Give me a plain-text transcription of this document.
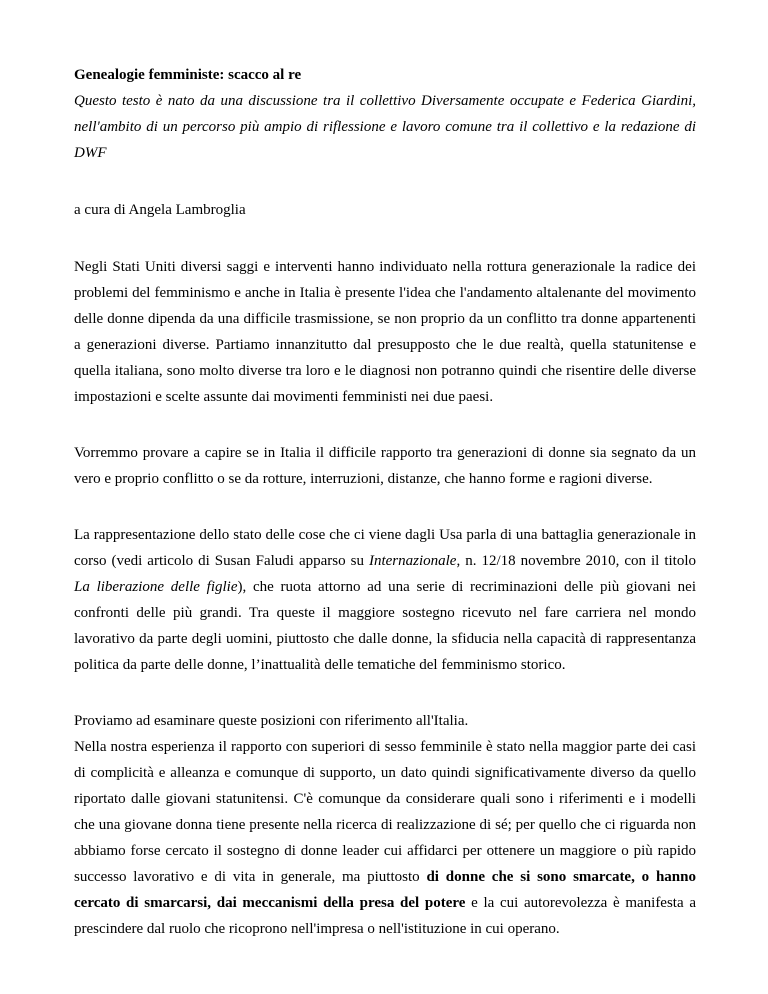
Genealogie femministe: scacco al re

Questo testo è nato da una discussione tra il collettivo Diversamente occupate e Federica Giardini, nell'ambito di un percorso più ampio di riflessione e lavoro comune tra il collettivo e la redazione di DWF

a cura di Angela Lambroglia

Negli Stati Uniti diversi saggi e interventi hanno individuato nella rottura generazionale la radice dei problemi del femminismo e anche in Italia è presente l'idea che l'andamento altalenante del movimento delle donne dipenda da una difficile trasmissione, se non proprio da un conflitto tra donne appartenenti a generazioni diverse. Partiamo innanzitutto dal presupposto che le due realtà, quella statunitense e quella italiana, sono molto diverse tra loro e le diagnosi non potranno quindi che risentire delle diverse impostazioni e scelte assunte dai movimenti femministi nei due paesi.

Vorremmo provare a capire se in Italia il difficile rapporto tra generazioni di donne sia segnato da un vero e proprio conflitto o se da rotture, interruzioni, distanze, che hanno forme e ragioni diverse.

La rappresentazione dello stato delle cose che ci viene dagli Usa parla di una battaglia generazionale in corso (vedi articolo di Susan Faludi apparso su Internazionale, n. 12/18 novembre 2010, con il titolo La liberazione delle figlie), che ruota attorno ad una serie di recriminazioni delle più giovani nei confronti delle più grandi. Tra queste il maggiore sostegno ricevuto nel fare carriera nel mondo lavorativo da parte degli uomini, piuttosto che dalle donne, la sfiducia nella capacità di rappresentanza politica da parte delle donne, l’inattualità delle tematiche del femminismo storico.

Proviamo ad esaminare queste posizioni con riferimento all'Italia.

Nella nostra esperienza il rapporto con superiori di sesso femminile è stato nella maggior parte dei casi di complicità e alleanza e comunque di supporto, un dato quindi significativamente diverso da quello riportato dalle giovani statunitensi. C'è comunque da considerare quali sono i riferimenti e i modelli che una giovane donna tiene presente nella ricerca di realizzazione di sé; per quello che ci riguarda non abbiamo forse cercato il sostegno di donne leader cui affidarci per ottenere un maggiore o più rapido successo lavorativo e di vita in generale, ma piuttosto di donne che si sono smarcate, o hanno cercato di smarcarsi, dai meccanismi della presa del potere e la cui autorevolezza è manifesta a prescindere dal ruolo che ricoprono nell'impresa o nell'istituzione in cui operano.
